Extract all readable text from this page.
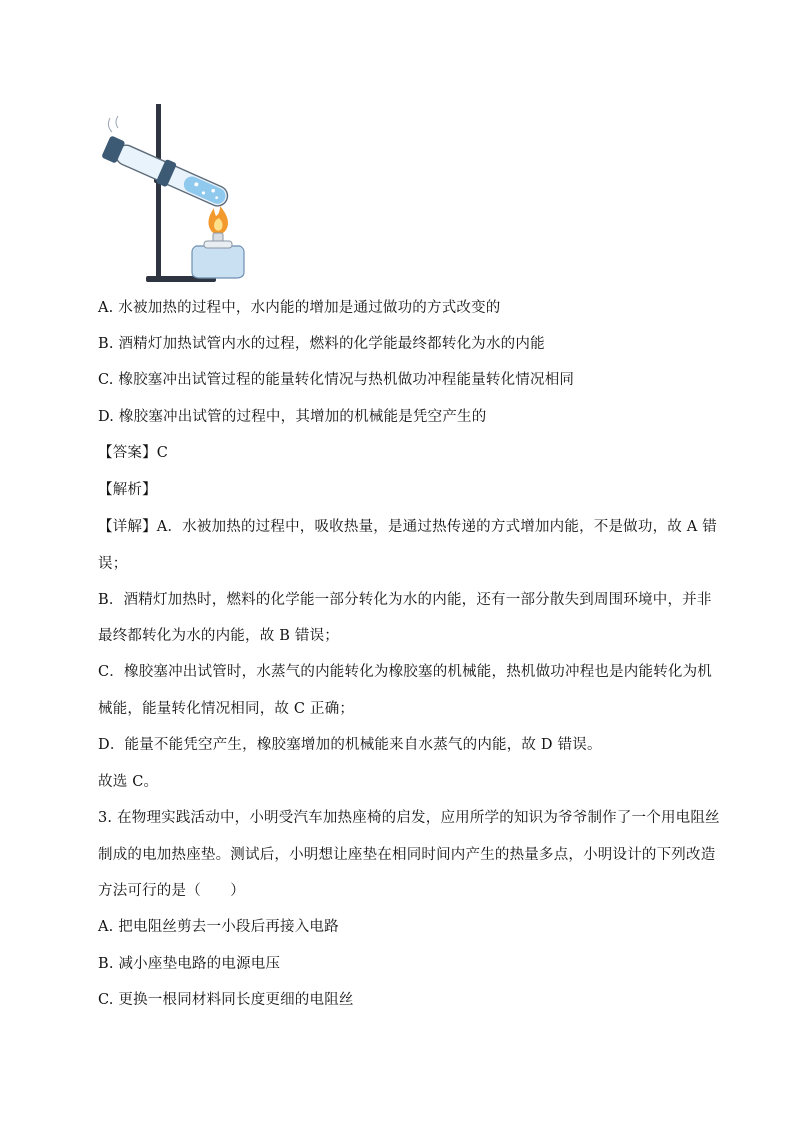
A. 水被加热的过程中，水内能的增加是通过做功的方式改变的
B. 酒精灯加热试管内水的过程，燃料的化学能最终都转化为水的内能
C. 橡胶塞冲出试管过程的能量转化情况与热机做功冲程能量转化情况相同
D. 橡胶塞冲出试管的过程中，其增加的机械能是凭空产生的
【答案】C
【解析】
【详解】A．水被加热的过程中，吸收热量，是通过热传递的方式增加内能，不是做功，故 A 错
误；
B．酒精灯加热时，燃料的化学能一部分转化为水的内能，还有一部分散失到周围环境中，并非
最终都转化为水的内能，故 B 错误；
C．橡胶塞冲出试管时，水蒸气的内能转化为橡胶塞的机械能，热机做功冲程也是内能转化为机
械能，能量转化情况相同，故 C 正确；
D．能量不能凭空产生，橡胶塞增加的机械能来自水蒸气的内能，故 D 错误。
故选 C。
3. 在物理实践活动中，小明受汽车加热座椅的启发，应用所学的知识为爷爷制作了一个用电阻丝
制成的电加热座垫。测试后，小明想让座垫在相同时间内产生的热量多点，小明设计的下列改造
方法可行的是（　　）
A. 把电阻丝剪去一小段后再接入电路
B. 减小座垫电路的电源电压
C. 更换一根同材料同长度更细的电阻丝
